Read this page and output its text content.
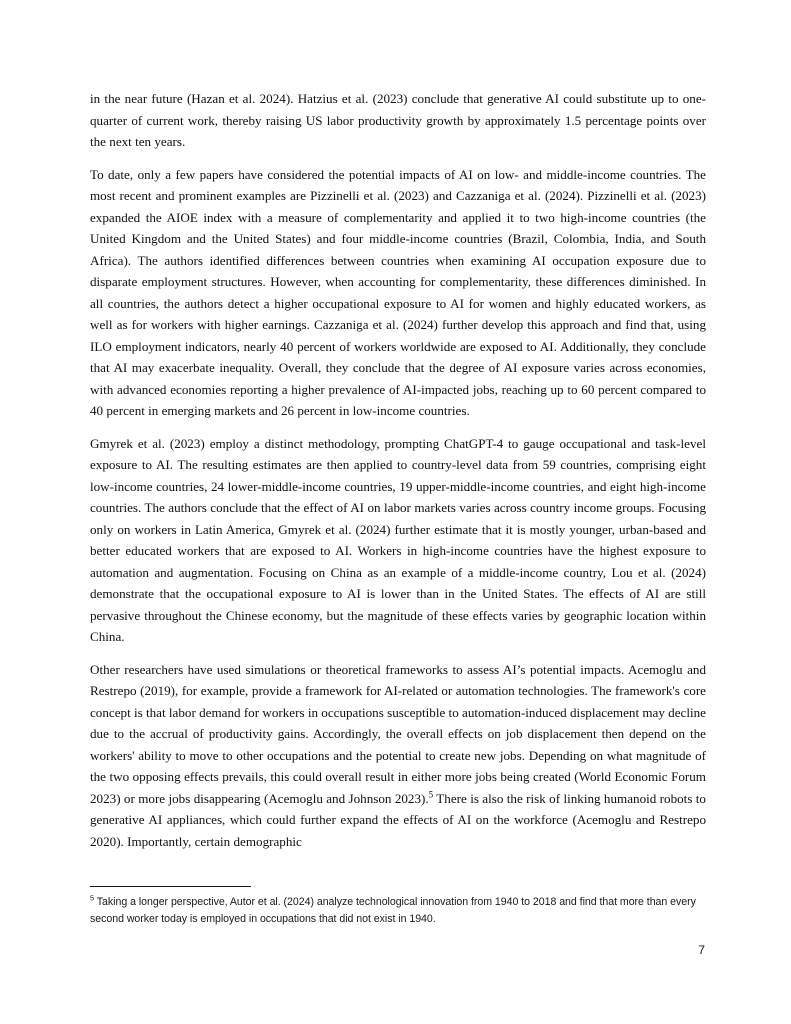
in the near future (Hazan et al. 2024). Hatzius et al. (2023) conclude that generative AI could substitute up to one-quarter of current work, thereby raising US labor productivity growth by approximately 1.5 percentage points over the next ten years.

To date, only a few papers have considered the potential impacts of AI on low- and middle-income countries. The most recent and prominent examples are Pizzinelli et al. (2023) and Cazzaniga et al. (2024). Pizzinelli et al. (2023) expanded the AIOE index with a measure of complementarity and applied it to two high-income countries (the United Kingdom and the United States) and four middle-income countries (Brazil, Colombia, India, and South Africa). The authors identified differences between countries when examining AI occupation exposure due to disparate employment structures. However, when accounting for complementarity, these differences diminished. In all countries, the authors detect a higher occupational exposure to AI for women and highly educated workers, as well as for workers with higher earnings. Cazzaniga et al. (2024) further develop this approach and find that, using ILO employment indicators, nearly 40 percent of workers worldwide are exposed to AI. Additionally, they conclude that AI may exacerbate inequality. Overall, they conclude that the degree of AI exposure varies across economies, with advanced economies reporting a higher prevalence of AI-impacted jobs, reaching up to 60 percent compared to 40 percent in emerging markets and 26 percent in low-income countries.

Gmyrek et al. (2023) employ a distinct methodology, prompting ChatGPT-4 to gauge occupational and task-level exposure to AI. The resulting estimates are then applied to country-level data from 59 countries, comprising eight low-income countries, 24 lower-middle-income countries, 19 upper-middle-income countries, and eight high-income countries. The authors conclude that the effect of AI on labor markets varies across country income groups. Focusing only on workers in Latin America, Gmyrek et al. (2024) further estimate that it is mostly younger, urban-based and better educated workers that are exposed to AI. Workers in high-income countries have the highest exposure to automation and augmentation. Focusing on China as an example of a middle-income country, Lou et al. (2024) demonstrate that the occupational exposure to AI is lower than in the United States. The effects of AI are still pervasive throughout the Chinese economy, but the magnitude of these effects varies by geographic location within China.

Other researchers have used simulations or theoretical frameworks to assess AI’s potential impacts. Acemoglu and Restrepo (2019), for example, provide a framework for AI-related or automation technologies. The framework's core concept is that labor demand for workers in occupations susceptible to automation-induced displacement may decline due to the accrual of productivity gains. Accordingly, the overall effects on job displacement then depend on the workers' ability to move to other occupations and the potential to create new jobs. Depending on what magnitude of the two opposing effects prevails, this could overall result in either more jobs being created (World Economic Forum 2023) or more jobs disappearing (Acemoglu and Johnson 2023).$^5$ There is also the risk of linking humanoid robots to generative AI appliances, which could further expand the effects of AI on the workforce (Acemoglu and Restrepo 2020). Importantly, certain demographic

$^5$ Taking a longer perspective, Autor et al. (2024) analyze technological innovation from 1940 to 2018 and find that more than every second worker today is employed in occupations that did not exist in 1940.

7
